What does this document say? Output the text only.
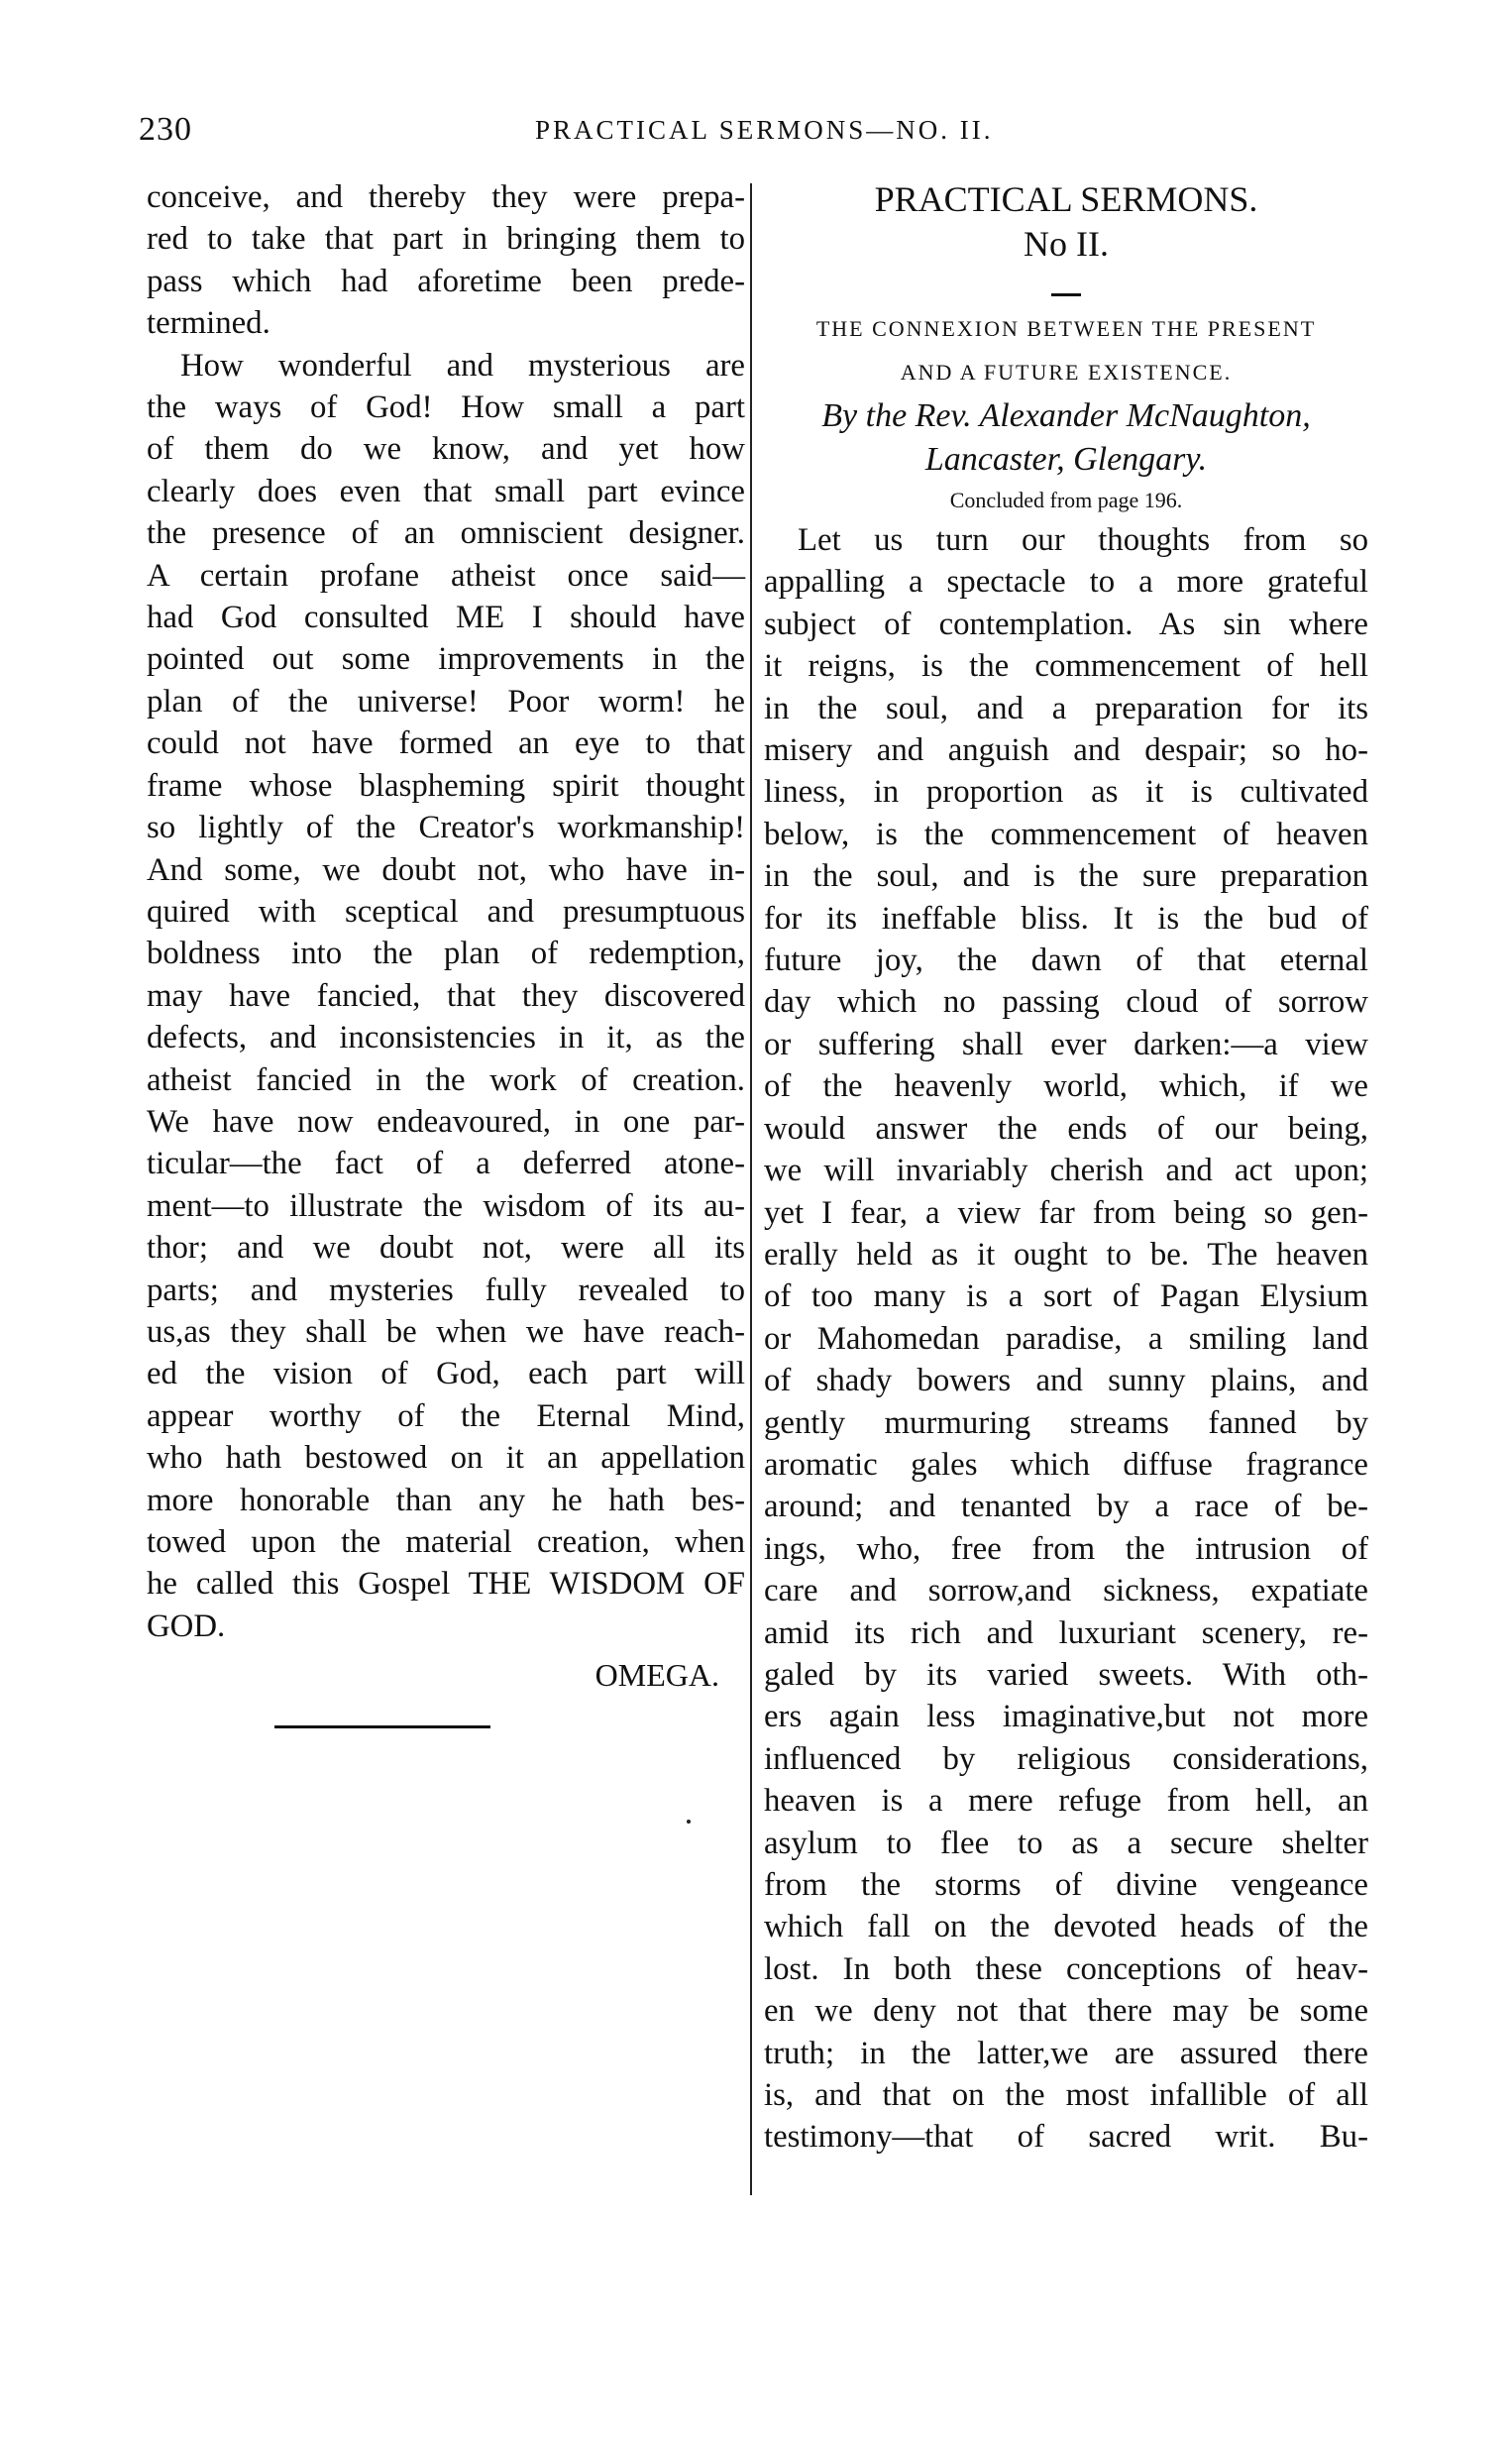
230	PRACTICAL SERMONS—NO. II.
conceive, and thereby they were prepa-
red to take that part in bringing them to
pass which had aforetime been prede-
termined.
How wonderful and mysterious are
the ways of God! How small a part
of them do we know, and yet how
clearly does even that small part evince
the presence of an omniscient designer.
A certain profane atheist once said—
had God consulted ME I should have
pointed out some improvements in the
plan of the universe! Poor worm! he
could not have formed an eye to that
frame whose blaspheming spirit thought
so lightly of the Creator's workmanship!
And some, we doubt not, who have in-
quired with sceptical and presumptuous
boldness into the plan of redemption,
may have fancied, that they discovered
defects, and inconsistencies in it, as the
atheist fancied in the work of creation.
We have now endeavoured, in one par-
ticular—the fact of a deferred atone-
ment—to illustrate the wisdom of its au-
thor; and we doubt not, were all its
parts; and mysteries fully revealed to
us,as they shall be when we have reach-
ed the vision of God, each part will
appear worthy of the Eternal Mind,
who hath bestowed on it an appellation
more honorable than any he hath bes-
towed upon the material creation, when
he called this Gospel THE WISDOM OF
GOD.
OMEGA.
PRACTICAL SERMONS.
No II.
THE CONNEXION BETWEEN THE PRESENT
AND A FUTURE EXISTENCE.
By the Rev. Alexander McNaughton,
Lancaster, Glengary.
Concluded from page 196.
Let us turn our thoughts from so
appalling a spectacle to a more grateful
subject of contemplation. As sin where
it reigns, is the commencement of hell
in the soul, and a preparation for its
misery and anguish and despair; so ho-
liness, in proportion as it is cultivated
below, is the commencement of heaven
in the soul, and is the sure preparation
for its ineffable bliss. It is the bud of
future joy, the dawn of that eternal
day which no passing cloud of sorrow
or suffering shall ever darken:—a view
of the heavenly world, which, if we
would answer the ends of our being,
we will invariably cherish and act upon;
yet I fear, a view far from being so gen-
erally held as it ought to be. The heaven
of too many is a sort of Pagan Elysium
or Mahomedan paradise, a smiling land
of shady bowers and sunny plains, and
gently murmuring streams fanned by
aromatic gales which diffuse fragrance
around; and tenanted by a race of be-
ings, who, free from the intrusion of
care and sorrow,and sickness, expatiate
amid its rich and luxuriant scenery, re-
galed by its varied sweets. With oth-
ers again less imaginative,but not more
influenced by religious considerations,
heaven is a mere refuge from hell, an
asylum to flee to as a secure shelter
from the storms of divine vengeance
which fall on the devoted heads of the
lost. In both these conceptions of heav-
en we deny not that there may be some
truth; in the latter,we are assured there
is, and that on the most infallible of all
testimony—that of sacred writ. Bu-
